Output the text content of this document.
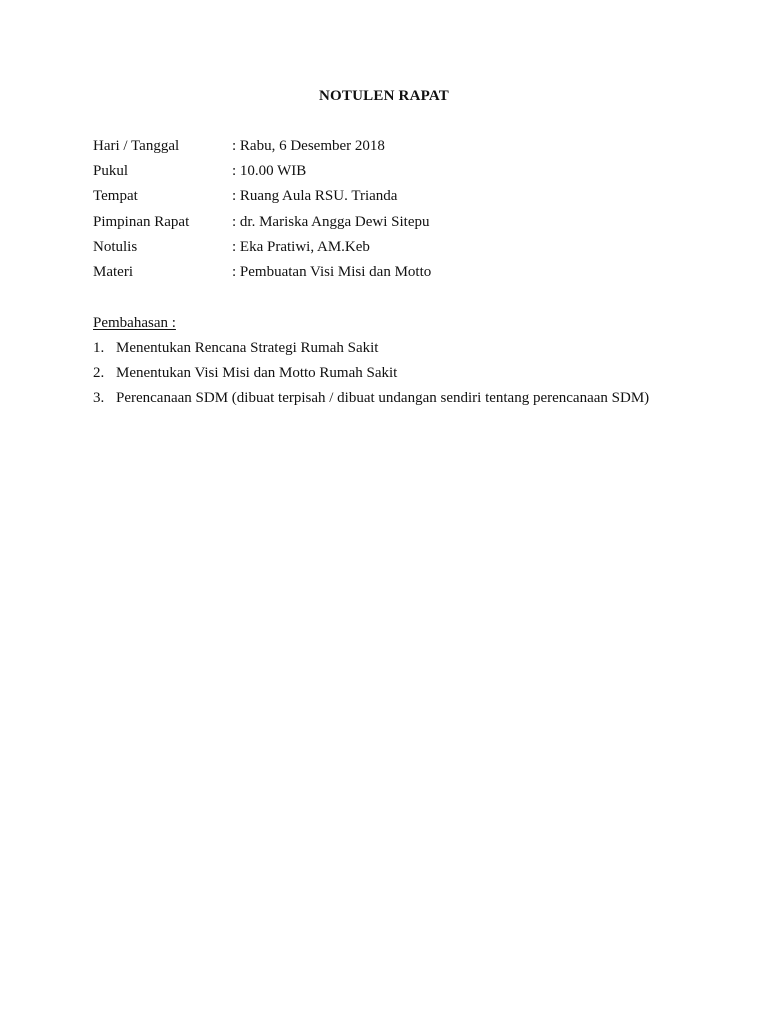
NOTULEN RAPAT
Hari / Tanggal	: Rabu, 6 Desember 2018
Pukul	: 10.00 WIB
Tempat	: Ruang Aula RSU. Trianda
Pimpinan Rapat	: dr. Mariska Angga Dewi Sitepu
Notulis	: Eka Pratiwi, AM.Keb
Materi	: Pembuatan Visi Misi dan Motto
Pembahasan :
1. Menentukan Rencana Strategi Rumah Sakit
2. Menentukan Visi Misi dan Motto Rumah Sakit
3. Perencanaan SDM (dibuat terpisah / dibuat undangan sendiri tentang perencanaan SDM)
